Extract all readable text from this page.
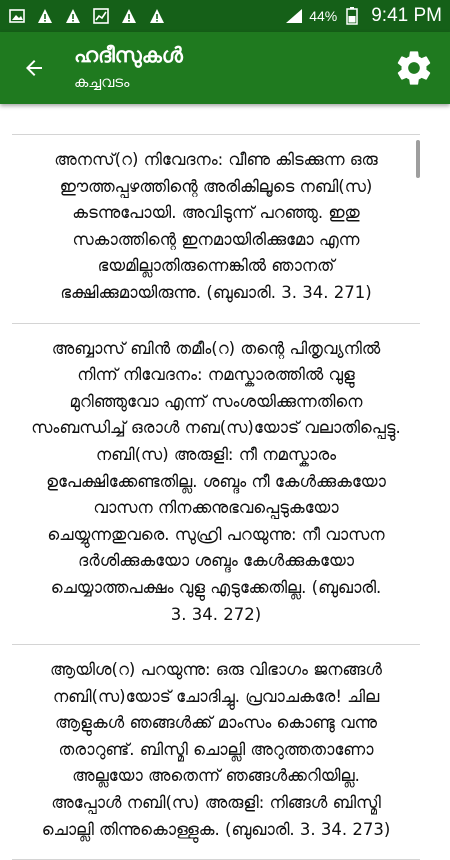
44% 9:41 PM
ഹദീസുകൾ
കച്ചവടം
അനസ്(റ) നിവേദനം: വീണു കിടക്കുന്ന ഒരു
ഈത്തപ്പഴത്തിന്റെ അരികിലൂടെ നബി(സ)
കടന്നുപോയി. അവിടുന്ന് പറഞ്ഞു. ഇതു
സകാത്തിന്റെ ഇനമായിരിക്കുമോ എന്ന
ഭയമില്ലാതിരുന്നെങ്കിൽ ഞാനത്
ഭക്ഷിക്കുമായിരുന്നു. (ബുഖാരി. 3. 34. 271)
അബ്ബാസ് ബിൻ തമീം(റ) തന്റെ പിതൃവ്യനിൽ
നിന്ന് നിവേദനം: നമസ്കാരത്തിൽ വുളു
മുറിഞ്ഞുവോ എന്ന് സംശയിക്കുന്നതിനെ
സംബന്ധിച്ച് ഒരാൾ നബ(സ)യോട് വലാതിപ്പെട്ടു.
നബി(സ) അരുളി: നീ നമസ്കാരം
ഉപേക്ഷിക്കേണ്ടതില്ല. ശബ്ദം നീ കേൾക്കുകയോ
വാസന നിനക്കനുഭവപ്പെടുകയോ
ചെയ്യുന്നതുവരെ. സുഹ്രി പറയുന്നു: നീ വാസന
ദർശിക്കുകയോ ശബ്ദം കേൾക്കുകയോ
ചെയ്യാത്തപക്ഷം വുളു എടുക്കേതില്ല. (ബുഖാരി.
3. 34. 272)
ആയിശ(റ) പറയുന്നു: ഒരു വിഭാഗം ജനങ്ങൾ
നബി(സ)യോട് ചോദിച്ചു. പ്രവാചകരേ! ചില
ആളുകൾ ഞങ്ങൾക്ക് മാംസം കൊണ്ടു വന്നു
തരാറുണ്ട്. ബിസ്മി ചൊല്ലി അറുത്തതാണോ
അല്ലയോ അതെന്ന് ഞങ്ങൾക്കറിയില്ല.
അപ്പോൾ നബി(സ) അരുളി: നിങ്ങൾ ബിസ്മി
ചൊല്ലി തിന്നുകൊള്ളുക. (ബുഖാരി. 3. 34. 273)
